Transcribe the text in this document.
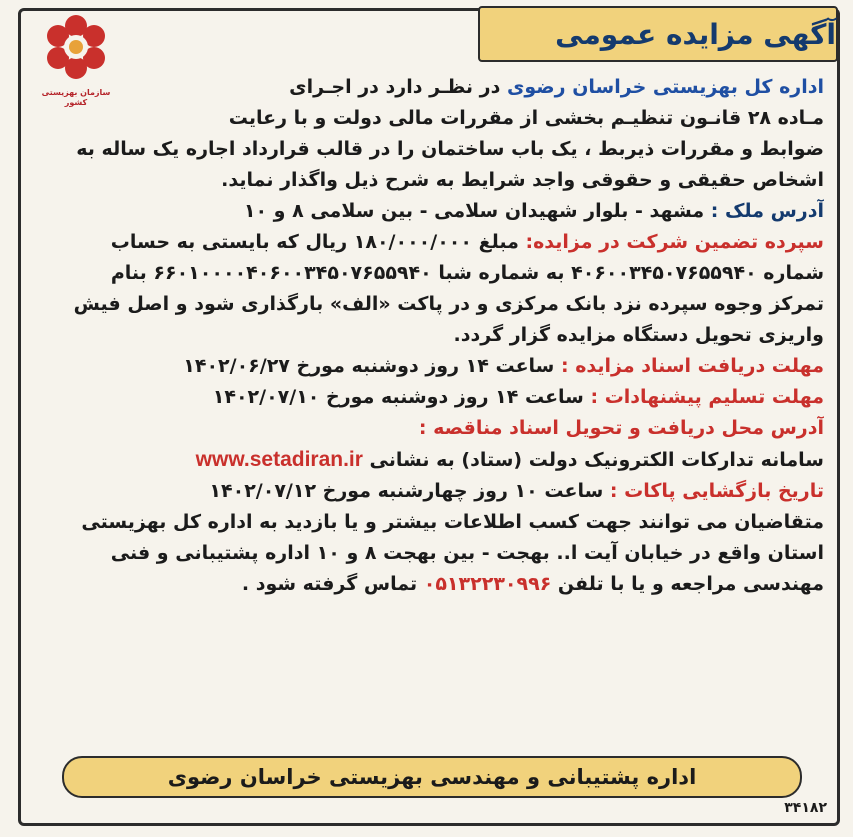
آگهی مزایده عمومی
سازمان بهزیستی کشور
اداره کل بهزیستی خراسان رضوی در نظـر دارد در اجـرای
مـاده ۲۸ قانـون تنظیـم بخشی از مقررات مالی دولت و با رعایت
ضوابط و مقررات ذیربط ، یک باب ساختمان را در قالب قرارداد اجاره یک ساله به
اشخاص حقیقی و حقوقی واجد شرایط به شرح ذیل واگذار نماید.
آدرس ملک : مشهد - بلوار شهیدان سلامی - بین سلامی ۸ و ۱۰
سپرده تضمین شرکت در مزایده: مبلغ ۱۸۰/۰۰۰/۰۰۰ ریال که بایستی به حساب
شماره ۴۰۶۰۰۳۴۵۰۷۶۵۵۹۴۰ به شماره شبا ۶۶۰۱۰۰۰۰۴۰۶۰۰۳۴۵۰۷۶۵۵۹۴۰ بنام
تمرکز وجوه سپرده نزد بانک مرکزی و در پاکت «الف» بارگذاری شود و اصل فیش
واریزی تحویل دستگاه مزایده گزار گردد.
مهلت دریافت اسناد مزایده : ساعت ۱۴ روز دوشنبه مورخ ۱۴۰۲/۰۶/۲۷
مهلت تسلیم پیشنهادات : ساعت ۱۴ روز دوشنبه مورخ ۱۴۰۲/۰۷/۱۰
آدرس محل دریافت و تحویل اسناد مناقصه :
سامانه تدارکات الکترونیک دولت (ستاد) به نشانی www.setadiran.ir
تاریخ بازگشایی پاکات : ساعت ۱۰ روز چهارشنبه مورخ ۱۴۰۲/۰۷/۱۲
متقاضیان می توانند جهت کسب اطلاعات بیشتر و یا بازدید به اداره کل بهزیستی
استان واقع در خیابان آیت ا.. بهجت - بین بهجت ۸ و ۱۰ اداره پشتیبانی و فنی
مهندسی مراجعه و یا با تلفن ۰۵۱۳۲۲۳۰۹۹۶ تماس گرفته شود .
اداره پشتیبانی و مهندسی بهزیستی خراسان رضوی
۳۴۱۸۲
